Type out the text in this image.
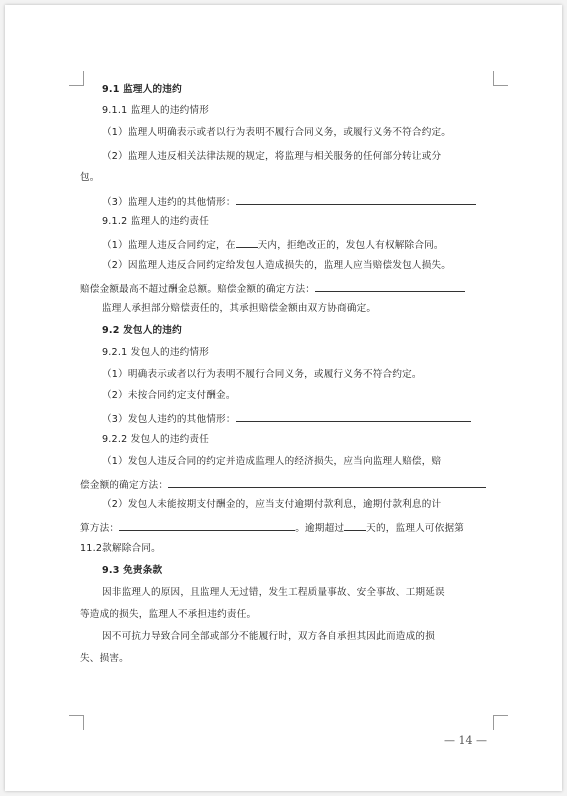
9.1 监理人的违约
9.1.1 监理人的违约情形
（1）监理人明确表示或者以行为表明不履行合同义务，或履行义务不符合约定。
（2）监理人违反相关法律法规的规定，将监理与相关服务的任何部分转让或分
包。
（3）监理人违约的其他情形：
9.1.2 监理人的违约责任
（1）监理人违反合同约定，在 天内，拒绝改正的，发包人有权解除合同。
（2）因监理人违反合同约定给发包人造成损失的，监理人应当赔偿发包人损失。
赔偿金额最高不超过酬金总额。赔偿金额的确定方法：
监理人承担部分赔偿责任的，其承担赔偿金额由双方协商确定。
9.2 发包人的违约
9.2.1 发包人的违约情形
（1）明确表示或者以行为表明不履行合同义务，或履行义务不符合约定。
（2）未按合同约定支付酬金。
（3）发包人违约的其他情形：
9.2.2 发包人的违约责任
（1）发包人违反合同的约定并造成监理人的经济损失，应当向监理人赔偿，赔
偿金额的确定方法：
（2）发包人未能按期支付酬金的，应当支付逾期付款利息，逾期付款利息的计
算方法：	。逾期超过 天的，监理人可依据第
11.2款解除合同。
9.3 免责条款
因非监理人的原因，且监理人无过错，发生工程质量事故、安全事故、工期延误
等造成的损失，监理人不承担违约责任。
因不可抗力导致合同全部或部分不能履行时，双方各自承担其因此而造成的损
失、损害。
— 14 —
